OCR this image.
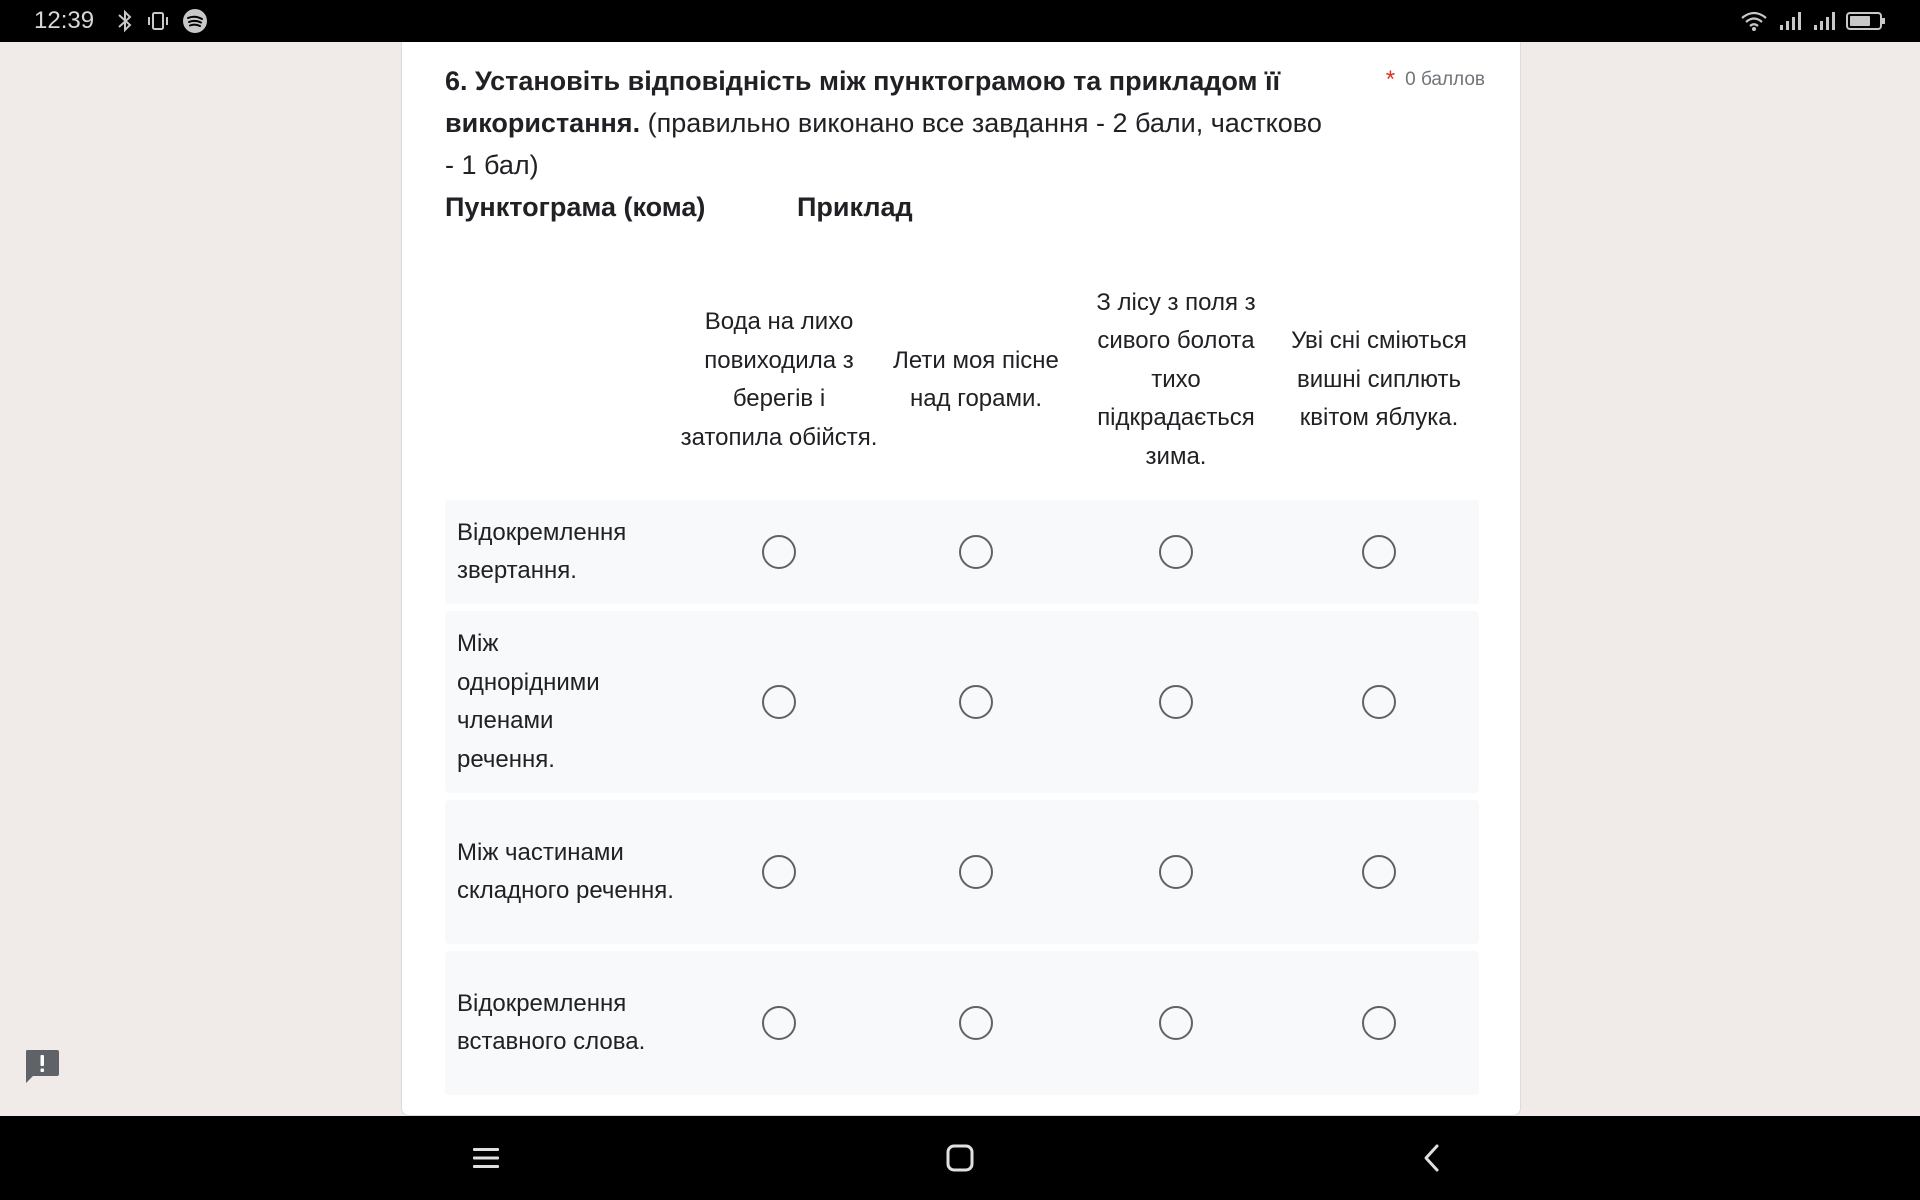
12:39
6. Установіть відповідність між пунктограмою та прикладом її використання. (правильно виконано все завдання - 2 бали, частково - 1 бал)
* 0 баллов
Пунктограма (кома)	Приклад
Вода на лихо повиходила з берегів і затопила обійстя.
Лети моя пісне над горами.
З лісу з поля з сивого болота тихо підкрадається зима.
Уві сні сміються вишні сиплють квітом яблука.
Відокремлення звертання.
Між однорідними членами речення.
Між частинами складного речення.
Відокремлення вставного слова.
